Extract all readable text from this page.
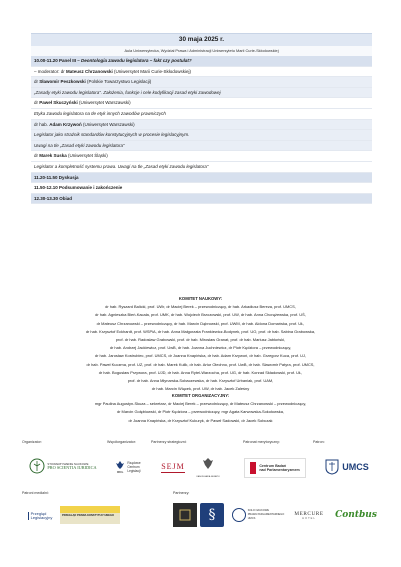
30 maja 2025 r.
Aula Uniwersytecka, Wydział Prawa i Administracji Uniwersytetu Marii Curie-Skłodowskiej
10.00-11.20 Panel III – Deontologia zawodu legislatora – fakt czy postulat?
– moderator: dr Mateusz Chrzanowski (Uniwersytet Marii Curie-Skłodowskiej)
dr Sławomir Peszkowski (Polskie Towarzystwo Legislacji)
„Zasady etyki zawodu legislatora”. Założenia, funkcje i cele kodyfikacji zasad etyki zawodowej
dr Paweł Skuczyński (Uniwersytet Warszawski)
Etyka zawodu legislatora na tle etyk innych zawodów prawniczych
dr hab. Adam Krzywoń (Uniwersytet Warszawski)
Legislator jako strażnik standardów konstytucyjnych w procesie legislacyjnym.
Uwagi na tle „Zasad etyki zawodu legislatora”
dr Marek Suska (Uniwersytet Śląski)
Legislator a kompletność systemu prawa. Uwagi na tle „Zasad etyki zawodu legislatora”
11.20-11.50 Dyskusja
11.50-12.10 Podsumowanie i zakończenie
12.30-13.30 Obiad
KOMITET NAUKOWY:
dr hab. Ryszard Balicki, prof. UWr, dr Maciej Berek – przewodniczący, dr hab. Arkadiusz Bereza, prof. UMCS,
dr hab. Agnieszka Bień-Kacała, prof. UMK, dr hab. Wojciech Brzozowski, prof. UW, dr hab. Anna Chorążewska, prof. UŚ,
dr Mateusz Chrzanowski – przewodniczący, dr hab. Marcin Dąbrowski, prof. UWM, dr hab. Aldona Domańska, prof. UŁ,
dr hab. Krzysztof Eckhardt, prof. WSPiA, dr hab. Anna Małgorzata Frankiewicz-Bodynek, prof. UO, prof. dr hab. Sabina Grabowska,
prof. dr hab. Radosław Grabowski, prof. dr hab. Mirosław Granat, prof. dr hab. Mariusz Jabłoński,
dr hab. Andrzej Jackiewicz, prof. UwB, dr hab. Joanna Juchniewicz, dr Piotr Kędziora – przewodniczący,
dr hab. Jarosław Kostrubiec, prof. UMCS, dr Joanna Knapińska, dr hab. Adam Krzywoń, dr hab. Grzegorz Kuca, prof. UJ,
dr hab. Paweł Kuczma, prof. UZ, prof. dr hab. Marek Kulik, dr hab. Artur Olechno, prof. UwB, dr hab. Sławomir Patyra, prof. UMCS,
dr hab. Bogusław Przywora, prof. UJD, dr hab. Anna Rytel-Warzocha, prof. UG, dr hab. Konrad Składowski, prof. UŁ,
prof. dr hab. Anna Młynarska-Sobaczewska, dr hab. Krzysztof Urbaniak, prof. UAM,
dr hab. Marcin Wiącek, prof. UW, dr hab. Jacek Zaleśny
KOMITET ORGANIZACYJNY:
mgr Paulina Augustyn-Skuza – sekretarz, dr Maciej Berek – przewodniczący, dr Mateusz Chrzanowski – przewodniczący,
dr Marcin Gołębiowski, dr Piotr Kędziora – przewodniczący, mgr Agata Karwowska-Sokołowska,
dr Joanna Knapińska, dr Krzysztof Kukuryk, dr Paweł Sadowski, dr Jacek Sobczak
Organizator:	Współorganizator:	Partnerzy strategiczni:	Patronat merytoryczny:	Patron:
STOWARZYSZENIE NAUKOWE
PRO SCIENTIA IURIDICA
RCL
Rządowe
Centrum
Legislacji
SEJM
KANCELARIA SENATU
Centrum Badań
nad Parlamentaryzmem	UMCS
Patroni medialni:	Partnerzy:
Przegląd
Legislacyjny	PRZEGLĄD PRAWA KONSTYTUCYJNEGO	§	KOŁO NAUKOWE
PRAWA PARLAMENTARNEGO
UMCS
MERCURE
HOTEL	Contbus
